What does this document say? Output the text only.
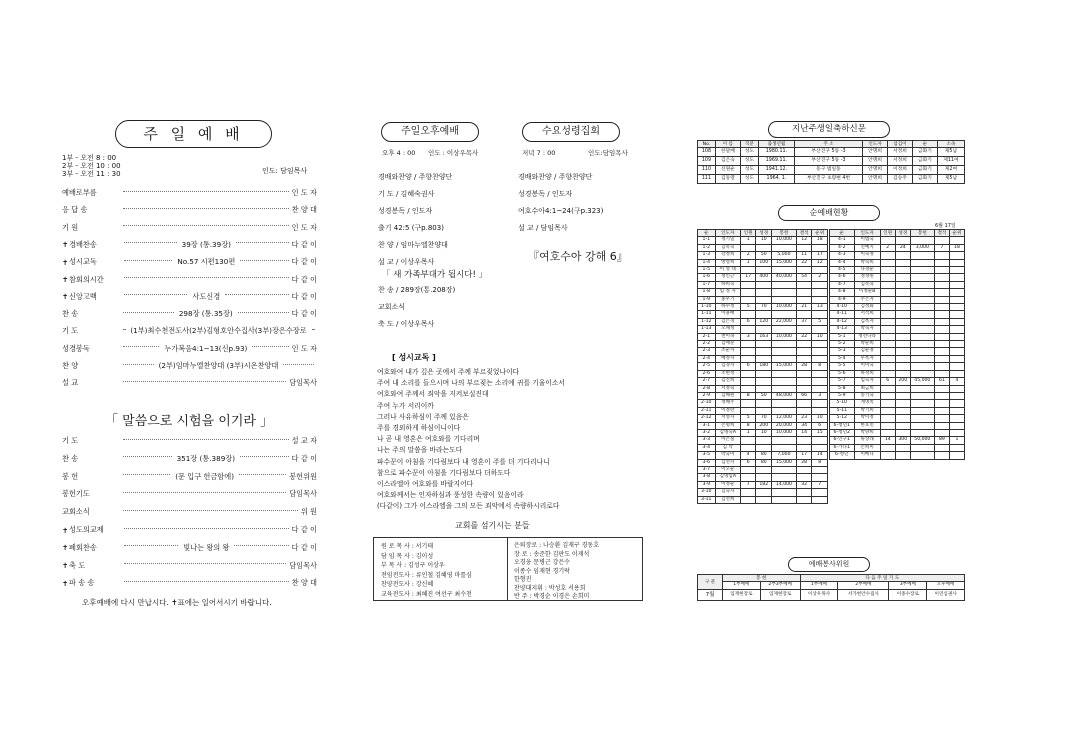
주 일 예 배
1부 - 오전 8 : 00
2부 - 오전 10 : 00
3부 - 오전 11 : 30	인도: 담임목사
예배로부름	인 도 자
응 답 송	찬 양 대
기 원	인 도 자
✝ 경배찬송	39장 (통.39장)	다 같 이
✝ 성시교독	No.57 시편130편	다 같 이
✝ 참회의시간	다 같 이
✝ 신앙고백	사도신경	다 같 이
찬 송	298장 (통.35장)	다 같 이
기 도	(1부)최수천전도사(2부)김형호안수집사(3부)장은수장로
성경봉독	누가복음4:1~13(신p.93)	인 도 자
찬 양	(2부)임마누엘찬양대 (3부)시온찬양대
설 교	담임목사
「 말씀으로 시험을 이기라 」
기 도	설 교 자
찬 송	351장 (통.389장)	다 같 이
봉 헌	(문 입구 헌금함에)	봉헌위원
봉헌기도	담임목사
교회소식	위 원
✝ 성도의교제	다 같 이
✝ 폐회찬송	빛나는 왕의 왕	다 같 이
✝ 축 도	담임목사
✝ 파 송 송	찬 양 대
오후예배에 다시 만납시다. ✝표에는 일어서시기 바랍니다.
주일오후예배
오후 4 : 00 인도 : 이상우목사
경배와찬양 / 주향찬양단
기 도 / 김혜숙권사
성경봉독 / 인도자
출기 42:5 (구p.803)
찬 양 / 임마누엘찬양대
설 교 / 이상우목사
「 새 가족부대가 됩시다! 」
찬 송 / 289장(통.208장)
교회소식
축 도 / 이상우목사
수요성령집회
저녁 7 : 00	인도:담임목사
경배와찬양 / 주향찬양단
성경봉독 / 인도자
여호수아4:1~24(구p.323)
설 교 / 담임목사
『여호수아 강해 6』
[ 성시교독 ]
여호와여 내가 깊은 곳에서 주께 부르짖었나이다
주여 내 소리를 들으시며 나의 부르짖는 소리에 귀를 기울이소서
여호와여 주께서 죄악을 지켜보실진대
주여 누가 서리이까
그러나 사유하심이 주께 있음은
주를 경외하게 하심이니이다
나 곧 내 영혼은 여호와를 기다리며
나는 주의 말씀을 바라는도다
파수꾼이 아침을 기다림보다 내 영혼이 주를 더 기다리나니
참으로 파수꾼이 아침을 기다림보다 더하도다
이스라엘아 여호와를 바랄지어다
여호와께서는 인자하심과 풍성한 속량이 있음이라
(다같이) 그가 이스라엘을 그의 모든 죄악에서 속량하시리로다
교회를 섬기시는 분들
원 로 목 사 : 서기태
담 임 목 사 : 김이성
부 목 사 : 김성구 이상우
전임전도사 : 류인철 김혜영 마를심
찬양전도사 : 강신혜
교육전도사 : 최혜진 여선구 최수천
은퇴장로 : 나승환 김재구 경동호
장 로 : 송준한 김판도 이재석
오경웅 문병근 강은수
이종수 임재현 경기락
한형진
찬양대지휘 : 박성호 서용희
반 주 : 박경순 이경은 손희미
지난주생일축하신문
No.	이 름	직분	출생년월	주 소	인도자	섬김이	순	소속
108	한달배	성도	1980.11.	부산진구 5동 -3	안명희	서정희	금화기	제5남
109	김은숙	성도	1969.11.	부산진구 5동 -3	안명희	서정희	금화기	제11여
110	신원순	성도	1941.12.	동구 범일동	안명희	이정희	금화기	제2여
111	김동열	성도	1964. 1.	부산진구 초량변 4번	안명희	김승주	금화기	제5남
순예배현황
6월 17일
순	인도자	인원	성경	봉헌	결석	순위
1-1	정기일	1	10	10,000	12	18
1-2	김복숙					
1-3	강정희	2	50	5,000	11	17
1-4	방영희	1	100	15,000	22	12
1-5	이 영 대					
1-6	정인근	17	400	40,000	54	2
1-7	하희숙					
1-8	임 정 자					
1-9	홍우기					
1-10	하수정	5	70	10,000	21	13
1-11	이용배					
1-12	김은경	6	120	22,000	37	5
1-13	오채정					
2-1	천이속	3	163	10,000	22	10
2-2	김애분					
2-3	조순자					
2-4	배정자					
2-5	김경자	6	180	15,000	28	8
2-6	조현정					
2-7	김진희					
2-8	서정숙					
2-9	김혜원	8	50	48,000	66	3
2-10	정혜주					
2-11	이정란					
2-12	서영자	5	70	12,000	23	10
3-1	손명희	8	200	20,000	34	6
3-2	김명숙A	1	10	10,000	14	15
3-3	이은실					
3-4	김 탁					
3-5	박숙미	4	80	7,000	17	14
3-6	김선자	6	80	15,000	28	8
3-7	이오순					
3-8	김명임A					
3-9	이정순	7	182	14,000	32	7
3-10	김숙자					
3-11	김선희					
순	인도자	인원	성경	봉헌	결석	순위
4-1	이범숙					
4-2	신예지	2	24	3,000	7	18
4-3	이숙정					
4-4	박숙희					
4-5	나경순					
4-6	정경원					
4-7	김복숙					
4-8	이정순B					
4-9	주은자					
4-10	김정화					
4-11	서석희					
4-12	김옥자					
4-13	박숙자					
5-1	정선나라					
5-2	박순희					
5-3	김순정					
5-4	우옥자					
5-5	이미숙					
5-6	하정희					
5-7	임숙자	6	200	45,000	61	4
5-8	최금희					
5-9	송기숙					
5-10	계명옥					
5-11	박기희					
5-12	박이정					
6-청년1	한호민					
6-청년2	박양희					
6-인구1	류상래	14	300	50,000	89	1
6-가나1	손희미					
6-청년	이베나					
예배봉사위원
구 분	봉 헌		다 음 주 일 기 도			
	1부예배	2부3부예배	1부예배	2부예배	3부예배	오후예배
7월	임재현장로	임재현장로	이상우목사	서가현안수집사	이종수장로	이연심권사
